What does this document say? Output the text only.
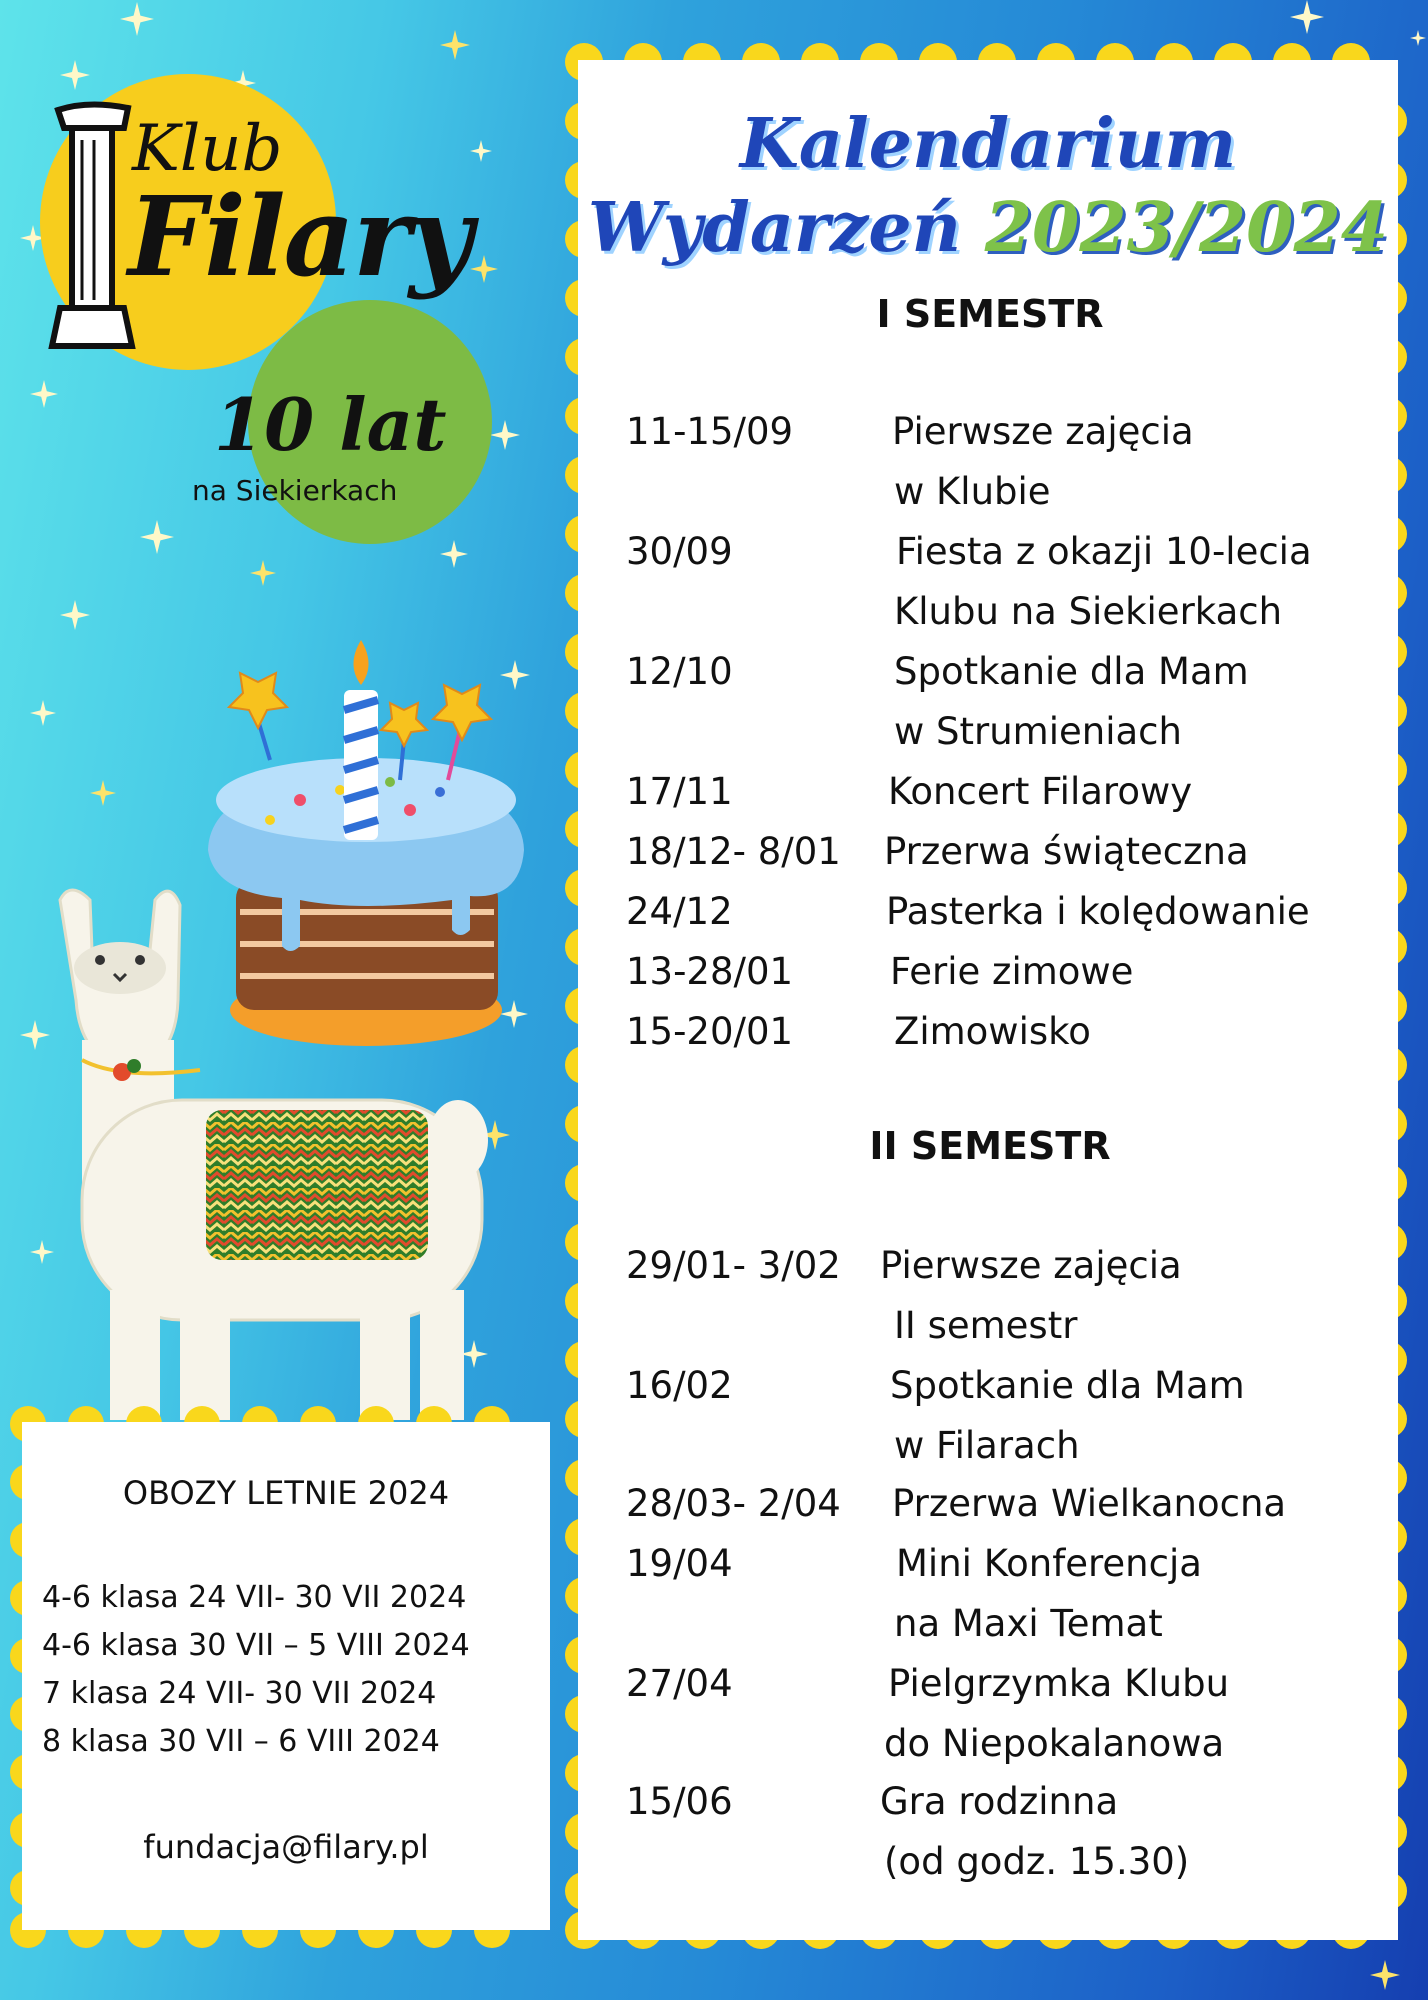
Klub
Filary
10 lat
na Siekierkach
Kalendarium
Wydarzeń 2023/2024
I SEMESTR
11-15/09	Pierwsze zajęcia
w Klubie
30/09	Fiesta z okazji 10-lecia
Klubu na Siekierkach
12/10	Spotkanie dla Mam
w Strumieniach
17/11	Koncert Filarowy
18/12- 8/01 Przerwa świąteczna
24/12	Pasterka i kolędowanie
13-28/01	Ferie zimowe
15-20/01	Zimowisko
II SEMESTR
29/01- 3/02 Pierwsze zajęcia
II semestr
16/02	Spotkanie dla Mam
w Filarach
28/03- 2/04 Przerwa Wielkanocna
19/04	Mini Konferencja
na Maxi Temat
27/04	Pielgrzymka Klubu
do Niepokalanowa
15/06	Gra rodzinna
(od godz. 15.30)
OBOZY LETNIE 2024
4-6 klasa 24 VII- 30 VII 2024
4-6 klasa 30 VII – 5 VIII 2024
7 klasa 24 VII- 30 VII 2024
8 klasa 30 VII – 6 VIII 2024
fundacja@filary.pl
